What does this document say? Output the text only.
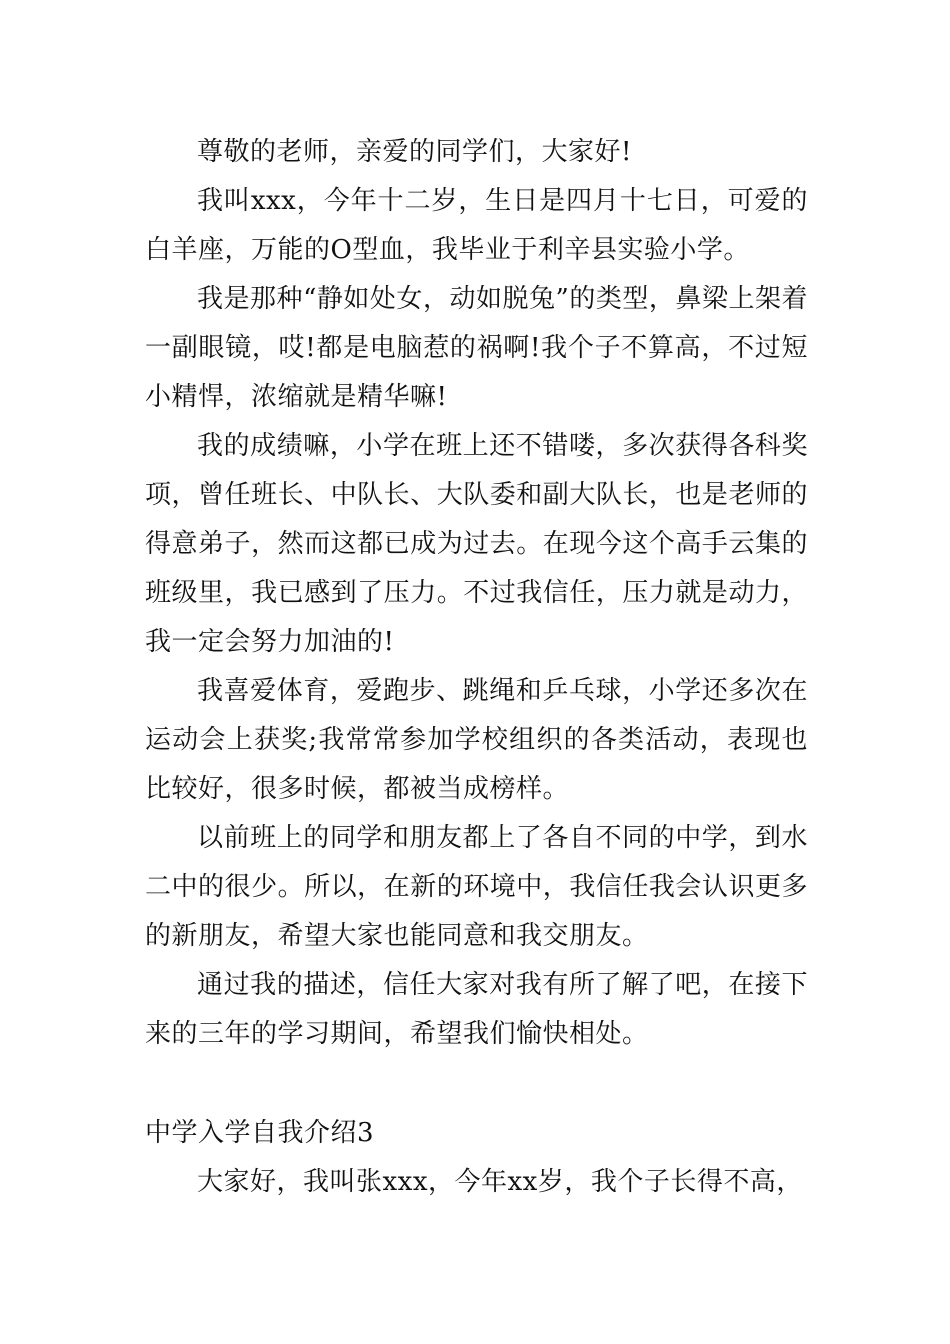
尊敬的老师，亲爱的同学们，大家好!

我叫xxx，今年十二岁，生日是四月十七日，可爱的白羊座，万能的O型血，我毕业于利辛县实验小学。

我是那种“静如处女，动如脱兔”的类型，鼻梁上架着一副眼镜，哎!都是电脑惹的祸啊!我个子不算高，不过短小精悍，浓缩就是精华嘛!

我的成绩嘛，小学在班上还不错喽，多次获得各科奖项，曾任班长、中队长、大队委和副大队长，也是老师的得意弟子，然而这都已成为过去。在现今这个高手云集的班级里，我已感到了压力。不过我信任，压力就是动力，我一定会努力加油的!

我喜爱体育，爱跑步、跳绳和乒乓球，小学还多次在运动会上获奖;我常常参加学校组织的各类活动，表现也比较好，很多时候，都被当成榜样。

以前班上的同学和朋友都上了各自不同的中学，到水二中的很少。所以，在新的环境中，我信任我会认识更多的新朋友，希望大家也能同意和我交朋友。

通过我的描述，信任大家对我有所了解了吧，在接下来的三年的学习期间，希望我们愉快相处。

中学入学自我介绍3

大家好，我叫张xxx，今年xx岁，我个子长得不高，
